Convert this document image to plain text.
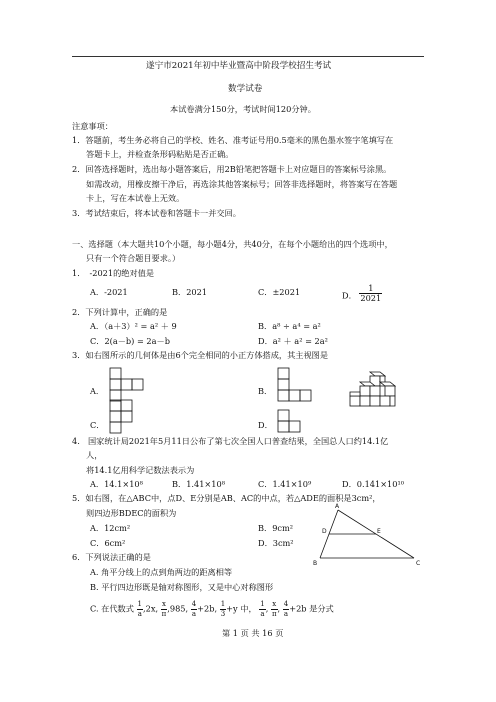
遂宁市2021年初中毕业暨高中阶段学校招生考试
数学试卷
本试卷满分150分，考试时间120分钟。
注意事项：
1．答题前，考生务必将自己的学校、姓名、准考证号用0.5毫米的黑色墨水签字笔填写在
答题卡上，并检查条形码粘贴是否正确。
2．回答选择题时，选出每小题答案后，用2B铅笔把答题卡上对应题目的答案标号涂黑。
如需改动，用橡皮擦干净后，再选涂其他答案标号；回答非选择题时，将答案写在答题
卡上，写在本试卷上无效。
3．考试结束后，将本试卷和答题卡一并交回。
一、选择题（本大题共10个小题，每小题4分，共40分，在每个小题给出的四个选项中，
只有一个符合题目要求。）
1．　-2021的绝对值是
A．-2021	B．2021	C．±2021	D． $\frac{1}{2021}$
2．下列计算中，正确的是
A．（a＋3）² = a² ＋ 9	B．a⁸ ÷ a⁴ = a²
C．2(a－b) = 2a－b	D．a² ＋ a² = 2a²
3．如右图所示的几何体是由6个完全相同的小正方体搭成，其主视图是
A．	B．
C．	D．
4.　国家统计局2021年5月11日公布了第七次全国人口普查结果，全国总人口约14.1亿
人，
将14.1亿用科学记数法表示为
A．14.1×10⁸	B．1.41×10⁸	C．1.41×10⁹	D．0.141×10¹⁰
5．如右图，在△ABC中，点D、E分别是AB、AC的中点，若△ADE的面积是3cm²，
则四边形BDEC的面积为
A．12cm²	B．9cm²
C．6cm²	D．3cm²
A
B	C
D	E
6．下列说法正确的是
A. 角平分线上的点到角两边的距离相等
B. 平行四边形既是轴对称图形，又是中心对称图形
C. 在代数式 $\frac{1}{a} ,2x$, $\frac{x}{\pi} ,985$, $\frac{4}{a} +2b$, $\frac{1}{3} +y$ 中， $\frac{1}{a}$ , $\frac{x}{\pi}$ , $\frac{4}{a} +2b$ 是分式
第 1 页 共 16 页
